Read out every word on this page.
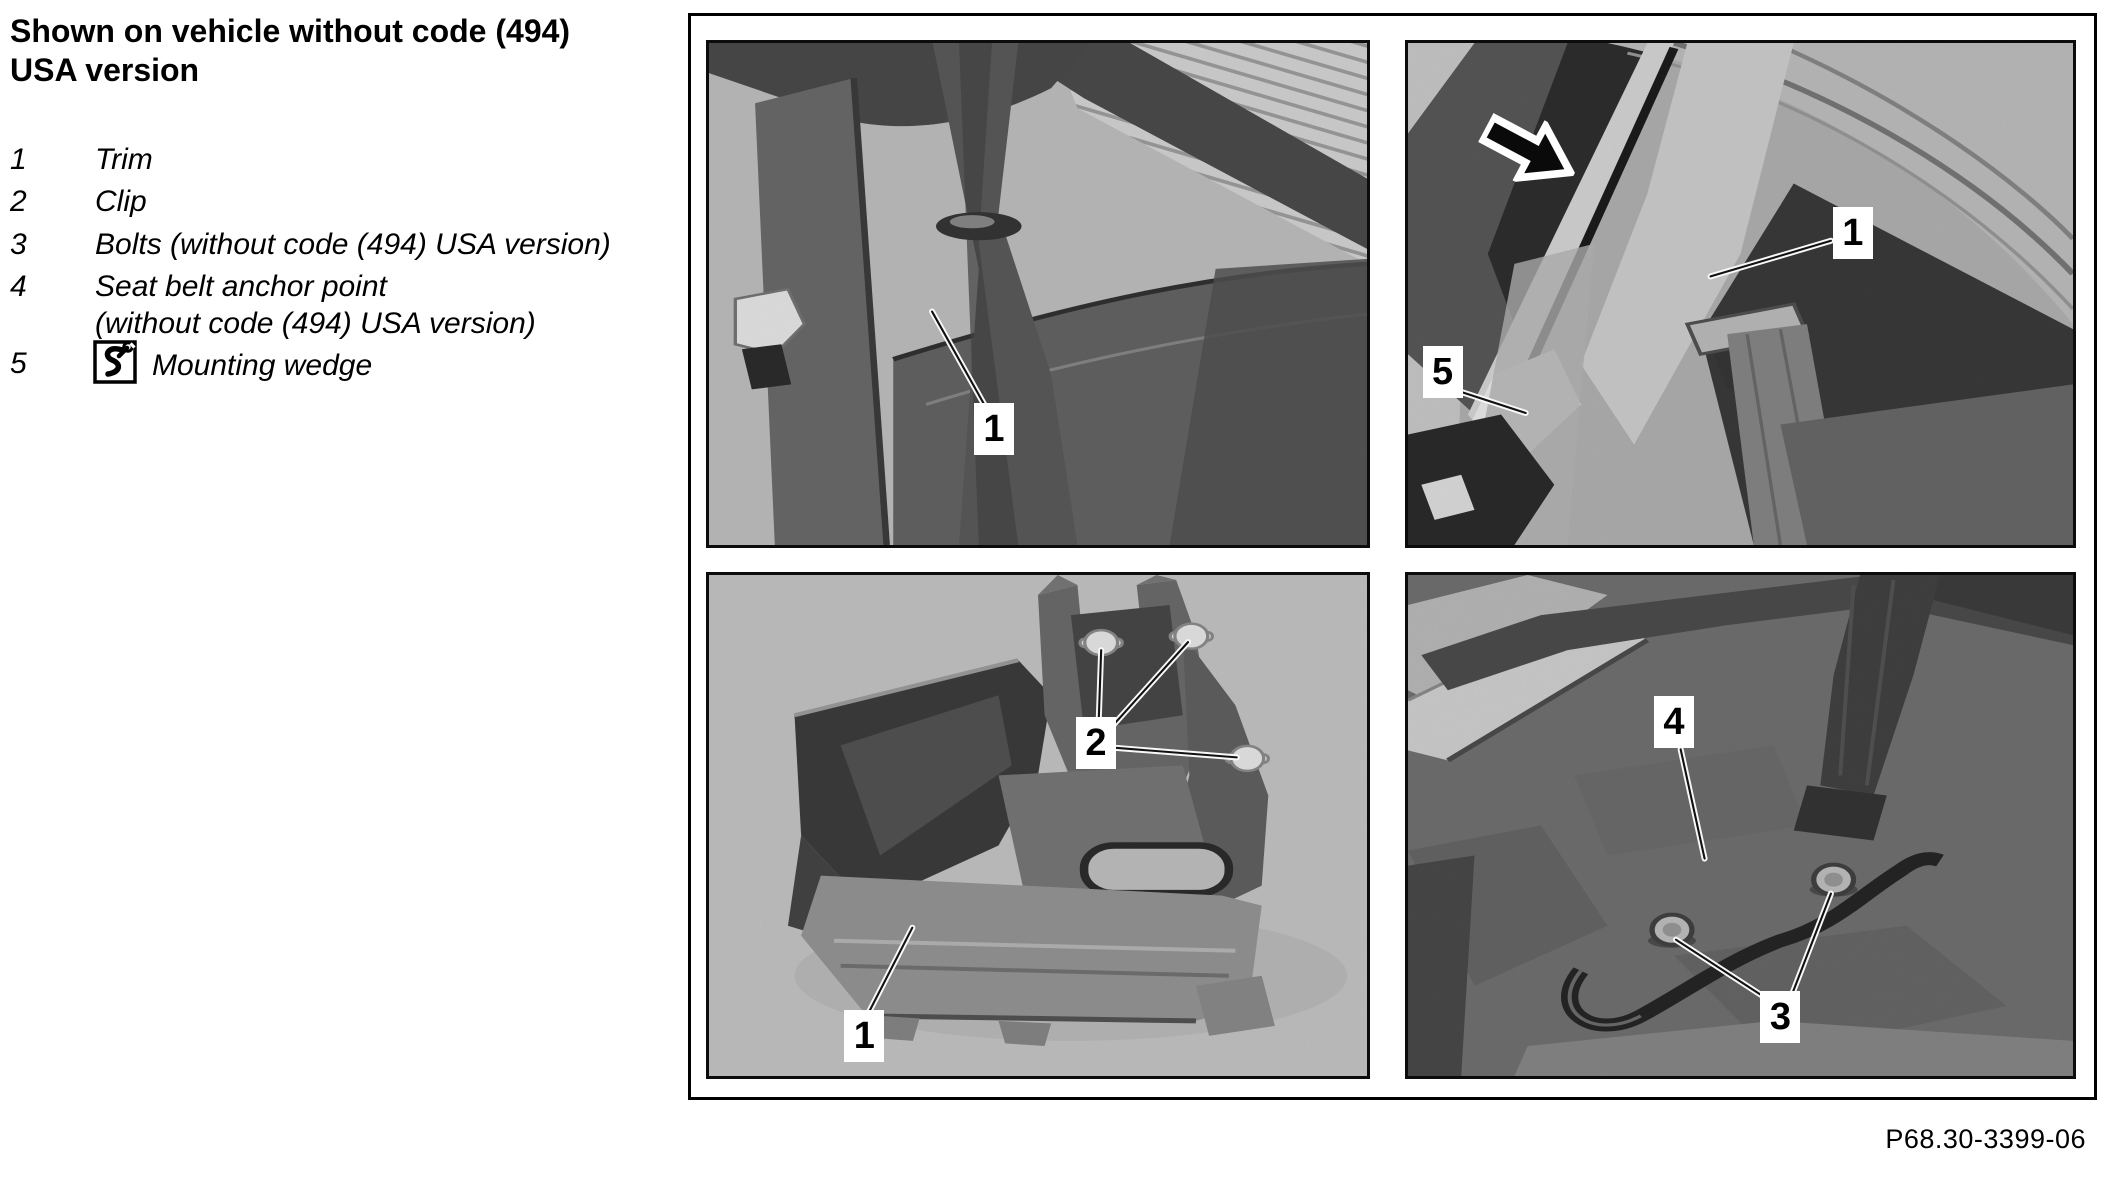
Shown on vehicle without code (494)
USA version
1 Trim
2 Clip
3 Bolts (without code (494) USA version)
4 Seat belt anchor point
(without code (494) USA version)
5	Mounting wedge
1
1
5
2
1
4
3
P68.30-3399-06
